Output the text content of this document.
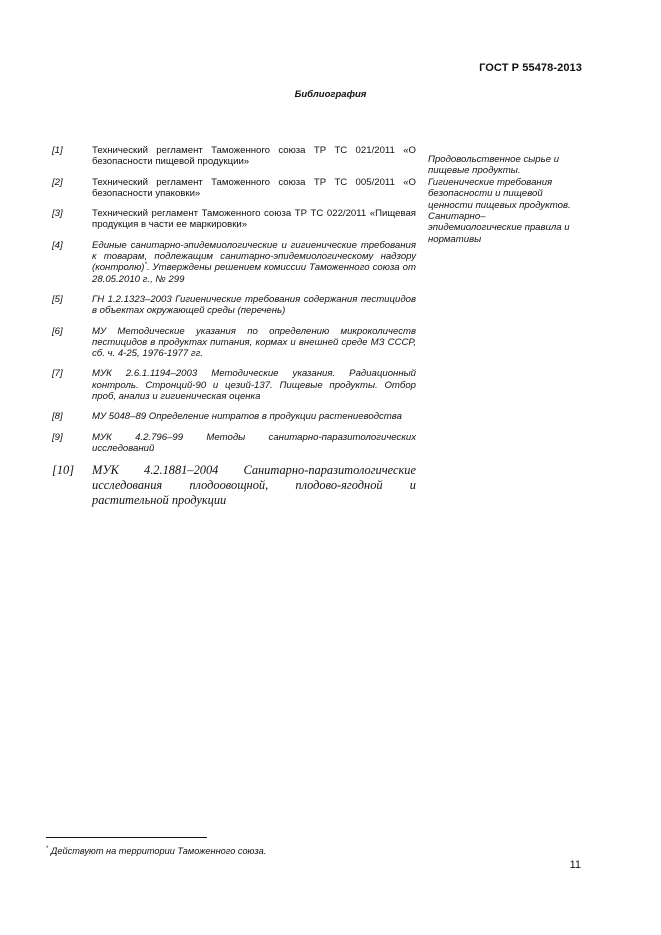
ГОСТ Р 55478-2013
Библиография
[1]	Технический регламент Таможенного союза ТР ТС 021/2011 «О безопасности пищевой продукции»
[2]	Технический регламент Таможенного союза ТР ТС 005/2011 «О безопасности упаковки»
[3]	Технический регламент Таможенного союза ТР ТС 022/2011 «Пищевая продукция в части ее маркировки»
[4]	Единые санитарно-эпидемиологические и гигиенические требования к товарам, подлежащим санитарно-эпидемиологическому надзору (контролю)*. Утверждены решением комиссии Таможенного союза от 28.05.2010 г., № 299
[5]	ГН 1.2.1323–2003 Гигиенические требования содержания пестицидов в объектах окружающей среды (перечень)
[6]	МУ Методические указания по определению микроколичеств пестицидов в продуктах питания, кормах и внешней среде МЗ СССР, сб. ч. 4-25, 1976-1977 гг.
[7]	МУК 2.6.1.1194–2003 Методические указания. Радиационный контроль. Стронций-90 и цезий-137. Пищевые продукты. Отбор проб, анализ и гигиеническая оценка
[8]	МУ 5048–89 Определение нитратов в продукции растениеводства
[9]	МУК 4.2.796–99 Методы санитарно-паразитологических исследований
[10]	МУК 4.2.1881–2004 Санитарно-паразитологические исследования плодоовощной, плодово-ягодной и растительной продукции
Продовольственное сырье и пищевые продукты. Гигиенические требования безопасности и пищевой ценности пищевых продуктов. Санитарно–эпидемиологические правила и нормативы
* Действуют на территории Таможенного союза.
11
